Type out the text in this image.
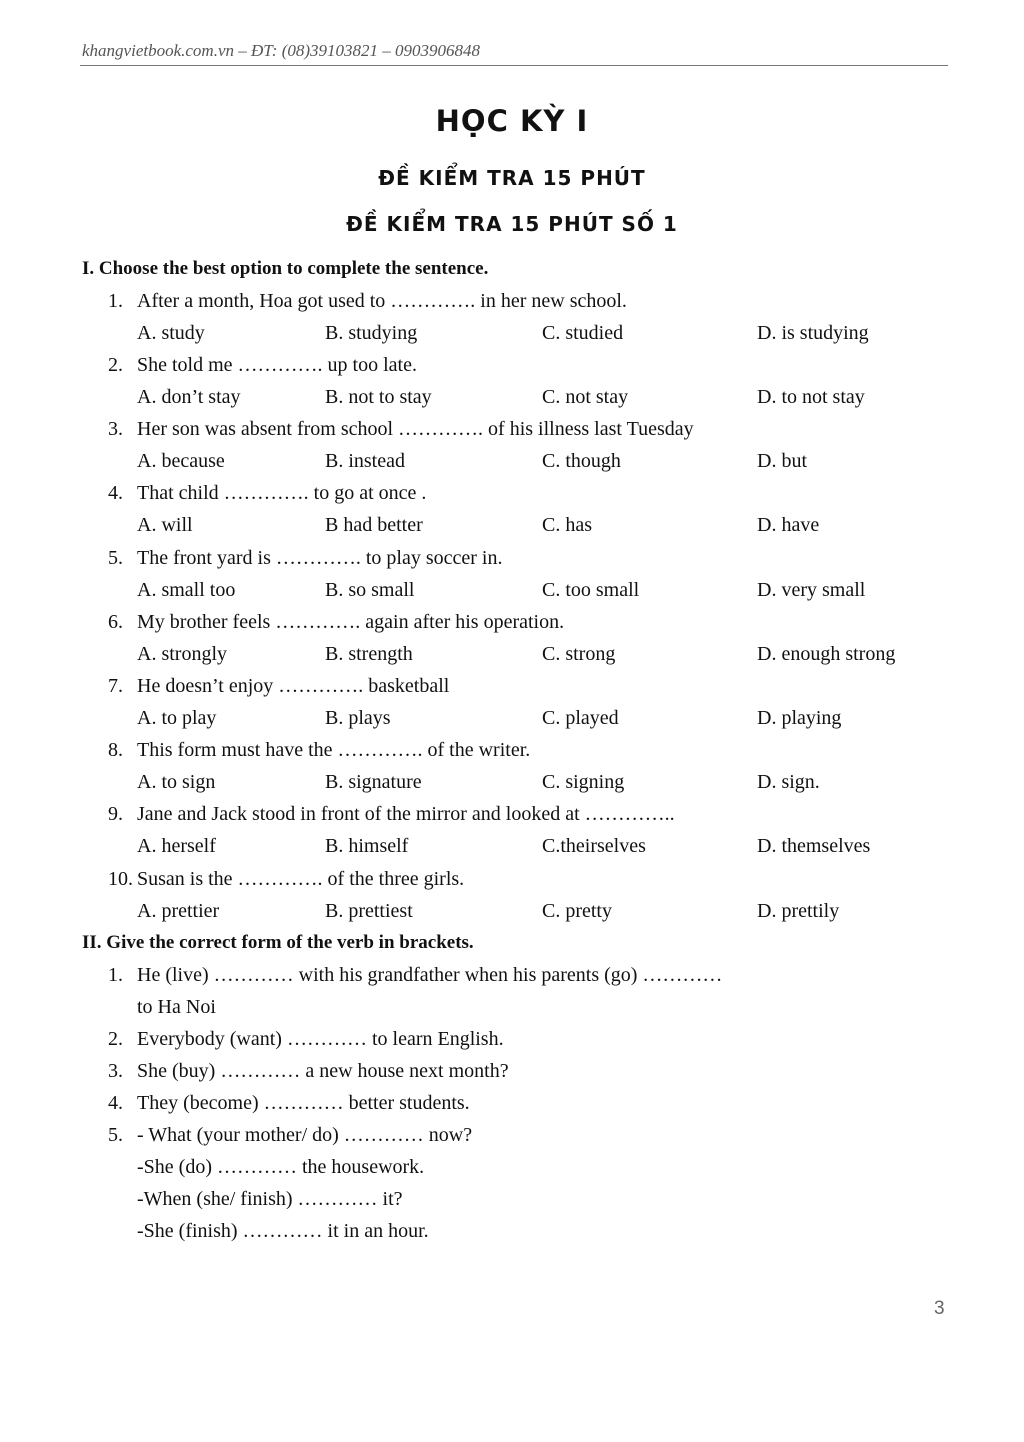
khangvietbook.com.vn – ĐT: (08)39103821 – 0903906848
HỌC KỲ I
ĐỀ KIỂM TRA 15 PHÚT
ĐỀ KIỂM TRA 15 PHÚT SỐ 1
I. Choose the best option to complete the sentence.
1. After a month, Hoa got used to …………. in her new school.
A. study	B. studying	C. studied	D. is studying
2. She told me …………. up too late.
A. don’t stay	B. not to stay	C. not stay	D. to not stay
3. Her son was absent from school …………. of his illness last Tuesday
A. because	B. instead	C. though	D. but
4. That child …………. to go at once .
A. will	B had better	C. has	D. have
5. The front yard is …………. to play soccer in.
A. small too	B. so small	C. too small	D. very small
6. My brother feels …………. again after his operation.
A. strongly	B. strength	C. strong	D. enough strong
7. He doesn’t enjoy …………. basketball
A. to play	B. plays	C. played	D. playing
8. This form must have the …………. of the writer.
A. to sign	B. signature	C. signing	D. sign.
9. Jane and Jack stood in front of the mirror and looked at …………..
A. herself	B. himself	C.theirselves	D. themselves
10. Susan is the …………. of the three girls.
A. prettier	B. prettiest	C. pretty	D. prettily
II. Give the correct form of the verb in brackets.
1. He (live) ………… with his grandfather when his parents (go) …………
to Ha Noi
2. Everybody (want) ………… to learn English.
3. She (buy) ………… a new house next month?
4. They (become) ………… better students.
5. - What (your mother/ do) ………… now?
-She (do) ………… the housework.
-When (she/ finish) ………… it?
-She (finish) ………… it in an hour.
3
